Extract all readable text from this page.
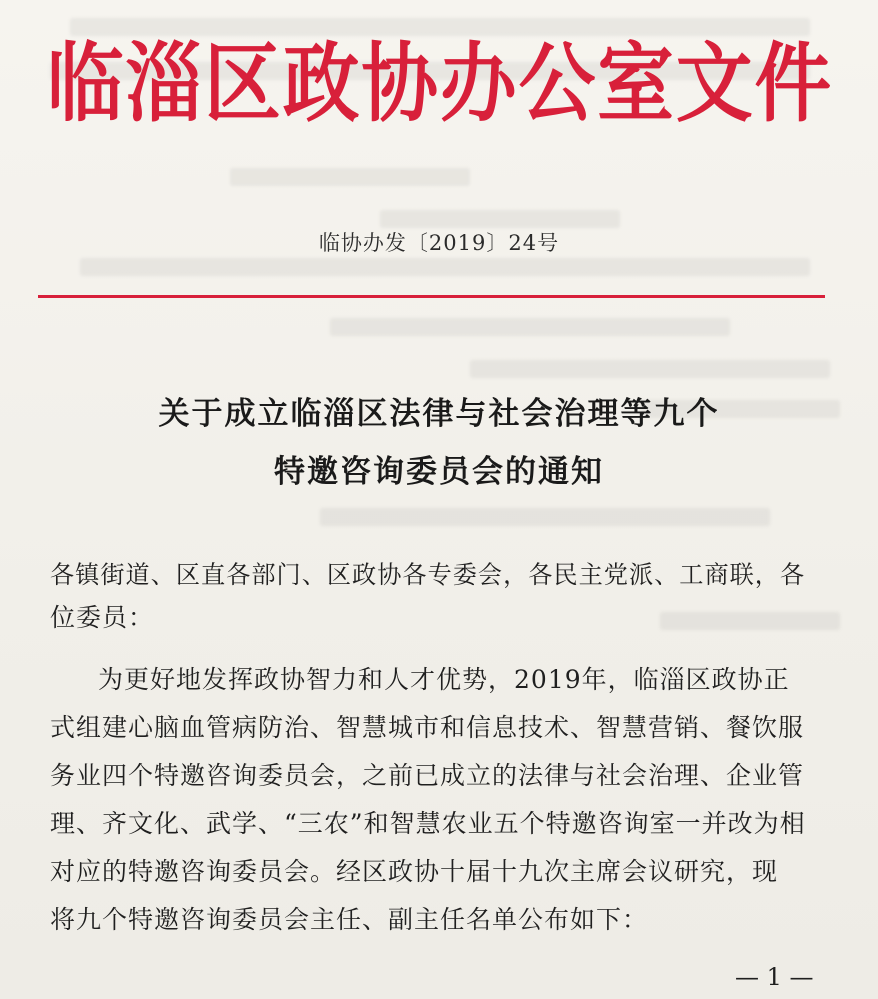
临淄区政协办公室文件
临协办发〔2019〕24号
关于成立临淄区法律与社会治理等九个
特邀咨询委员会的通知
各镇街道、区直各部门、区政协各专委会，各民主党派、工商联，各
位委员：
为更好地发挥政协智力和人才优势，2019年，临淄区政协正
式组建心脑血管病防治、智慧城市和信息技术、智慧营销、餐饮服
务业四个特邀咨询委员会，之前已成立的法律与社会治理、企业管
理、齐文化、武学、“三农”和智慧农业五个特邀咨询室一并改为相
对应的特邀咨询委员会。经区政协十届十九次主席会议研究，现
将九个特邀咨询委员会主任、副主任名单公布如下：
— 1 —
